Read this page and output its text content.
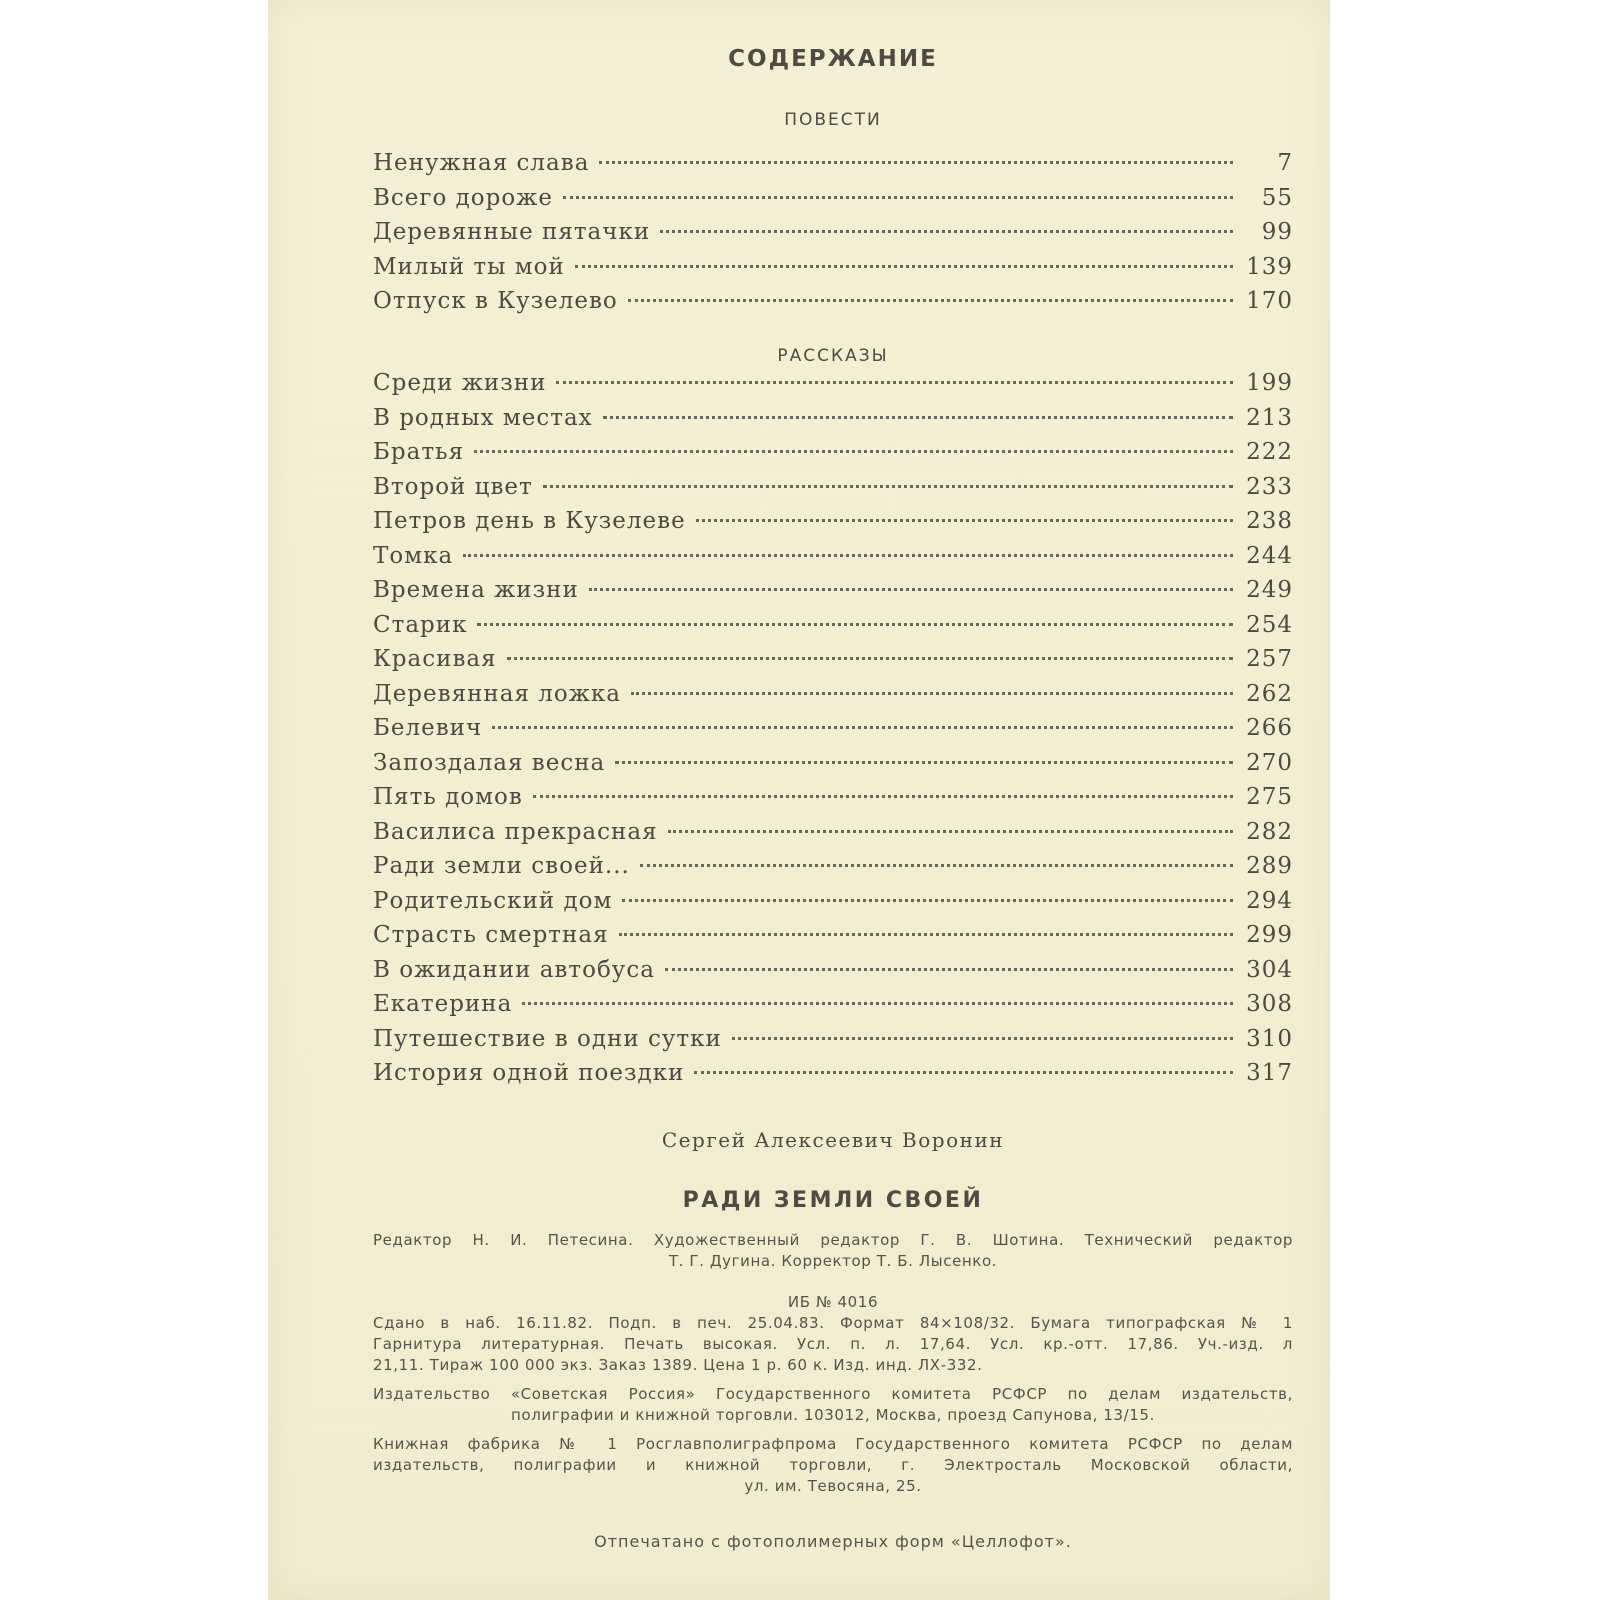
СОДЕРЖАНИЕ
ПОВЕСТИ
Ненужная слава	7
Всего дороже	55
Деревянные пятачки	99
Милый ты мой	139
Отпуск в Кузелево	170
РАССКАЗЫ
Среди жизни	199
В родных местах	213
Братья	222
Второй цвет	233
Петров день в Кузелеве	238
Томка	244
Времена жизни	249
Старик	254
Красивая	257
Деревянная ложка	262
Белевич	266
Запоздалая весна	270
Пять домов	275
Василиса прекрасная	282
Ради земли своей...	289
Родительский дом	294
Страсть смертная	299
В ожидании автобуса	304
Екатерина	308
Путешествие в одни сутки	310
История одной поездки	317
Сергей Алексеевич Воронин
РАДИ ЗЕМЛИ СВОЕЙ
Редактор Н. И. Петесина. Художественный редактор Г. В. Шотина. Технический редактор
Т. Г. Дугина. Корректор Т. Б. Лысенко.
ИБ № 4016
Сдано в наб. 16.11.82. Подп. в печ. 25.04.83. Формат 84×108/32. Бумага типографская № 1
Гарнитура литературная. Печать высокая. Усл. п. л. 17,64. Усл. кр.-отт. 17,86. Уч.-изд. л
21,11. Тираж 100 000 экз. Заказ 1389. Цена 1 р. 60 к. Изд. инд. ЛХ-332.
Издательство «Советская Россия» Государственного комитета РСФСР по делам издательств,
полиграфии и книжной торговли. 103012, Москва, проезд Сапунова, 13/15.
Книжная фабрика № 1 Росглавполиграфпрома Государственного комитета РСФСР по делам
издательств, полиграфии и книжной торговли, г. Электросталь Московской области,
ул. им. Тевосяна, 25.
Отпечатано с фотополимерных форм «Целлофот».
